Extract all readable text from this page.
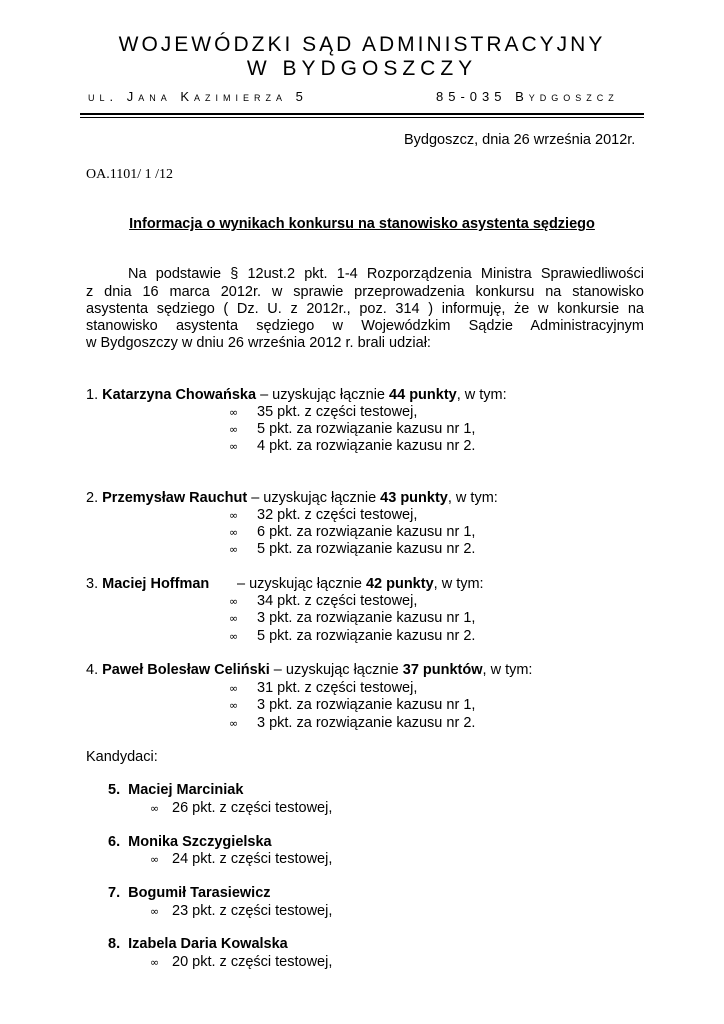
WOJEWÓDZKI SĄD ADMINISTRACYJNY
W BYDGOSZCZY
ul. Jana Kazimierza 5	85-035 Bydgoszcz
Bydgoszcz, dnia 26 września 2012r.
OA.1101/ 1 /12
Informacja o wynikach konkursu na stanowisko asystenta sędziego
Na podstawie § 12ust.2 pkt. 1-4 Rozporządzenia Ministra Sprawiedliwości
z dnia 16 marca 2012r. w sprawie przeprowadzenia konkursu na stanowisko
asystenta sędziego ( Dz. U. z 2012r., poz. 314 ) informuję, że w konkursie na
stanowisko asystenta sędziego w Wojewódzkim Sądzie Administracyjnym
w Bydgoszczy w dniu 26 września 2012 r. brali udział:
1. Katarzyna Chowańska – uzyskując łącznie 44 punkty, w tym:
∞ 35 pkt. z części testowej,
∞ 5 pkt. za rozwiązanie kazusu nr 1,
∞ 4 pkt. za rozwiązanie kazusu nr 2.
2. Przemysław Rauchut – uzyskując łącznie 43 punkty, w tym:
∞ 32 pkt. z części testowej,
∞ 6 pkt. za rozwiązanie kazusu nr 1,
∞ 5 pkt. za rozwiązanie kazusu nr 2.
3. Maciej Hoffman – uzyskując łącznie 42 punkty, w tym:
∞ 34 pkt. z części testowej,
∞ 3 pkt. za rozwiązanie kazusu nr 1,
∞ 5 pkt. za rozwiązanie kazusu nr 2.
4. Paweł Bolesław Celiński – uzyskując łącznie 37 punktów, w tym:
∞ 31 pkt. z części testowej,
∞ 3 pkt. za rozwiązanie kazusu nr 1,
∞ 3 pkt. za rozwiązanie kazusu nr 2.
Kandydaci:
5. Maciej Marciniak
∞ 26 pkt. z części testowej,
6. Monika Szczygielska
∞ 24 pkt. z części testowej,
7. Bogumił Tarasiewicz
∞ 23 pkt. z części testowej,
8. Izabela Daria Kowalska
∞ 20 pkt. z części testowej,
